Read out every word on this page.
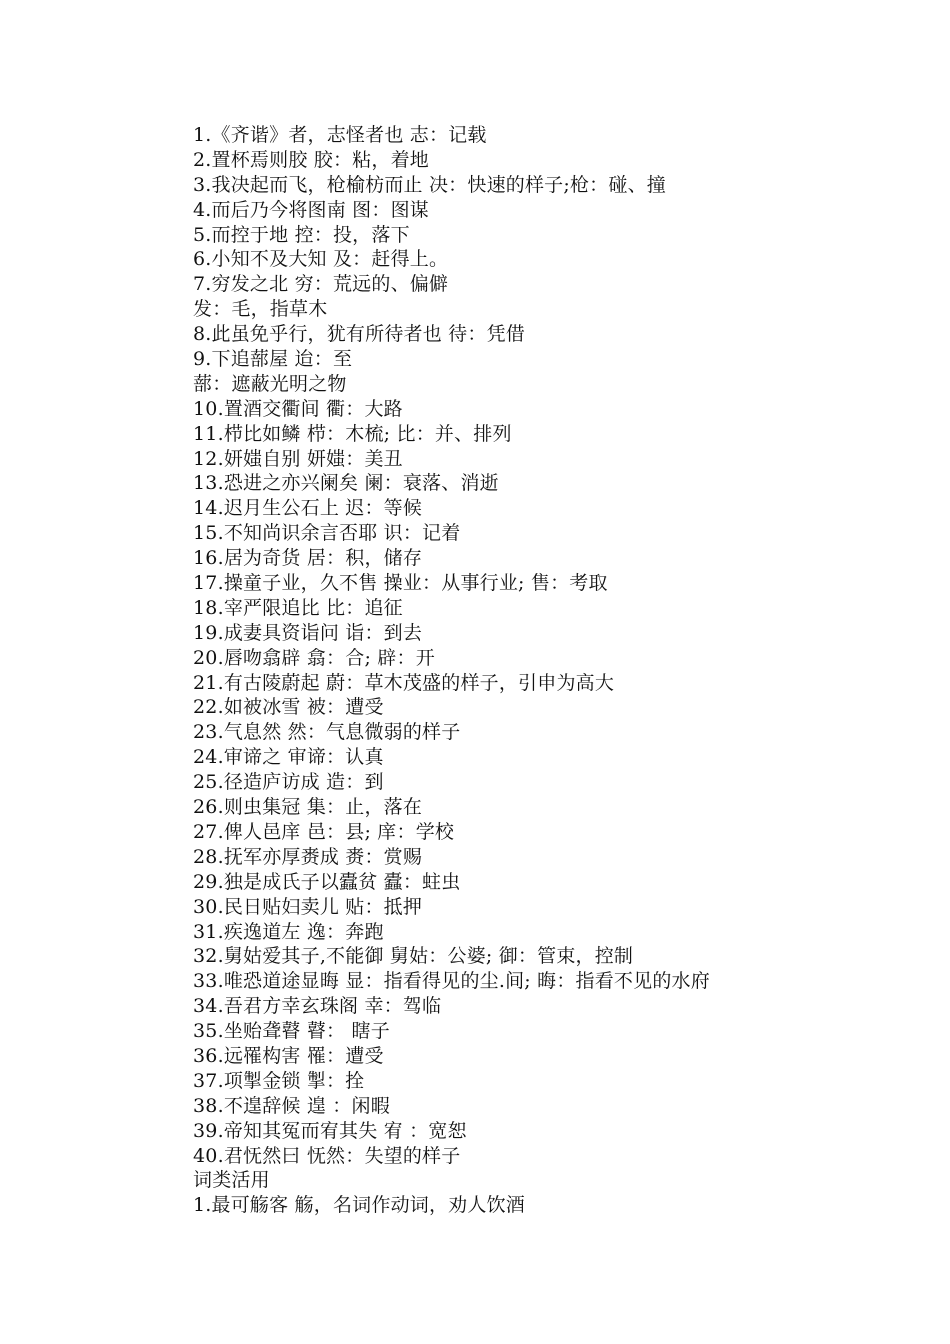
1.《齐谐》者，志怪者也 志：记载
2.置杯焉则胶 胶：粘，着地
3.我决起而飞，枪榆枋而止 决：快速的样子;枪：碰、撞
4.而后乃今将图南 图：图谋
5.而控于地 控：投，落下
6.小知不及大知 及：赶得上。
7.穷发之北 穷：荒远的、偏僻
发：毛，指草木
8.此虽免乎行，犹有所待者也 待：凭借
9.下追蔀屋 迨：至
蔀：遮蔽光明之物
10.置酒交衢间 衢：大路
11.栉比如鳞 栉：木梳; 比：并、排列
12.妍媸自别 妍媸：美丑
13.恐进之亦兴阑矣 阑：衰落、消逝
14.迟月生公石上 迟：等候
15.不知尚识余言否耶 识：记着
16.居为奇货 居：积，储存
17.操童子业，久不售 操业：从事行业; 售：考取
18.宰严限追比 比：追征
19.成妻具资诣问 诣：到去
20.唇吻翕辟 翕：合; 辟：开
21.有古陵蔚起 蔚：草木茂盛的样子，引申为高大
22.如被冰雪 被：遭受
23.气息然 然：气息微弱的样子
24.审谛之 审谛：认真
25.径造庐访成 造：到
26.则虫集冠 集：止，落在
27.俾人邑庠 邑：县; 庠：学校
28.抚军亦厚赉成 赉：赏赐
29.独是成氏子以蠹贫 蠹：蛀虫
30.民日贴妇卖儿 贴：抵押
31.疾逸道左 逸：奔跑
32.舅姑爱其子,不能御 舅姑：公婆; 御：管束，控制
33.唯恐道途显晦 显：指看得见的尘.间; 晦：指看不见的水府
34.吾君方幸玄珠阁 幸：驾临
35.坐贻聋瞽 瞽： 瞎子
36.远罹构害 罹：遭受
37.项掣金锁 掣：拴
38.不遑辞候 遑 ：闲暇
39.帝知其冤而宥其失 宥 ：宽恕
40.君怃然曰 怃然：失望的样子
词类活用
1.最可觞客 觞，名词作动词，劝人饮酒
